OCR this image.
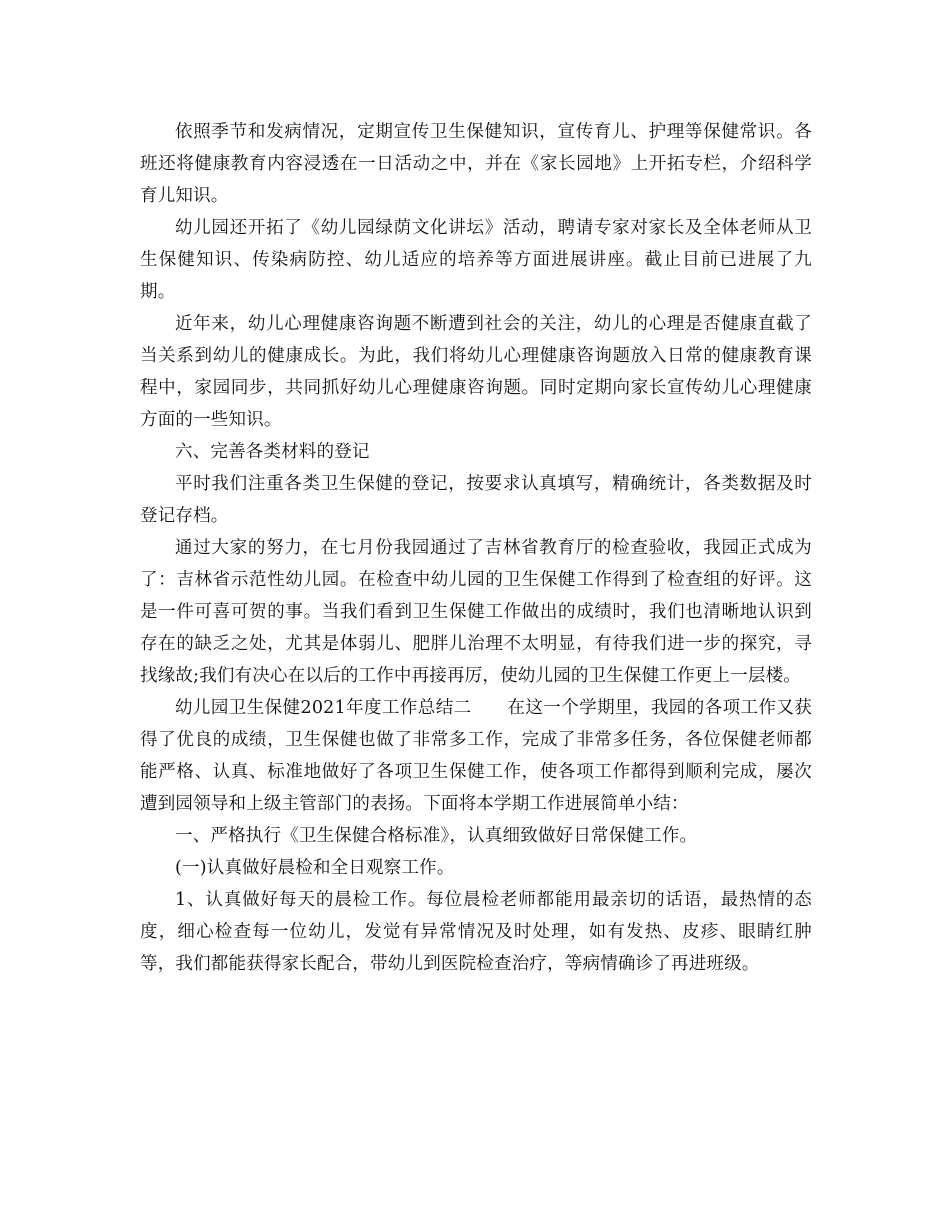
依照季节和发病情况，定期宣传卫生保健知识，宣传育儿、护理等保健常识。各班还将健康教育内容浸透在一日活动之中，并在《家长园地》上开拓专栏，介绍科学育儿知识。

幼儿园还开拓了《幼儿园绿荫文化讲坛》活动，聘请专家对家长及全体老师从卫生保健知识、传染病防控、幼儿适应的培养等方面进展讲座。截止目前已进展了九期。

近年来，幼儿心理健康咨询题不断遭到社会的关注，幼儿的心理是否健康直截了当关系到幼儿的健康成长。为此，我们将幼儿心理健康咨询题放入日常的健康教育课程中，家园同步，共同抓好幼儿心理健康咨询题。同时定期向家长宣传幼儿心理健康方面的一些知识。

六、完善各类材料的登记

平时我们注重各类卫生保健的登记，按要求认真填写，精确统计，各类数据及时登记存档。

通过大家的努力，在七月份我园通过了吉林省教育厅的检查验收，我园正式成为了：吉林省示范性幼儿园。在检查中幼儿园的卫生保健工作得到了检查组的好评。这是一件可喜可贺的事。当我们看到卫生保健工作做出的成绩时，我们也清晰地认识到存在的缺乏之处，尤其是体弱儿、肥胖儿治理不太明显，有待我们进一步的探究，寻找缘故;我们有决心在以后的工作中再接再厉，使幼儿园的卫生保健工作更上一层楼。

幼儿园卫生保健2021年度工作总结二　　在这一个学期里，我园的各项工作又获得了优良的成绩，卫生保健也做了非常多工作，完成了非常多任务，各位保健老师都能严格、认真、标准地做好了各项卫生保健工作，使各项工作都得到顺利完成，屡次遭到园领导和上级主管部门的表扬。下面将本学期工作进展简单小结：

一、严格执行《卫生保健合格标准》，认真细致做好日常保健工作。

(一)认真做好晨检和全日观察工作。

1、认真做好每天的晨检工作。每位晨检老师都能用最亲切的话语，最热情的态度，细心检查每一位幼儿，发觉有异常情况及时处理，如有发热、皮疹、眼睛红肿等，我们都能获得家长配合，带幼儿到医院检查治疗，等病情确诊了再进班级。
